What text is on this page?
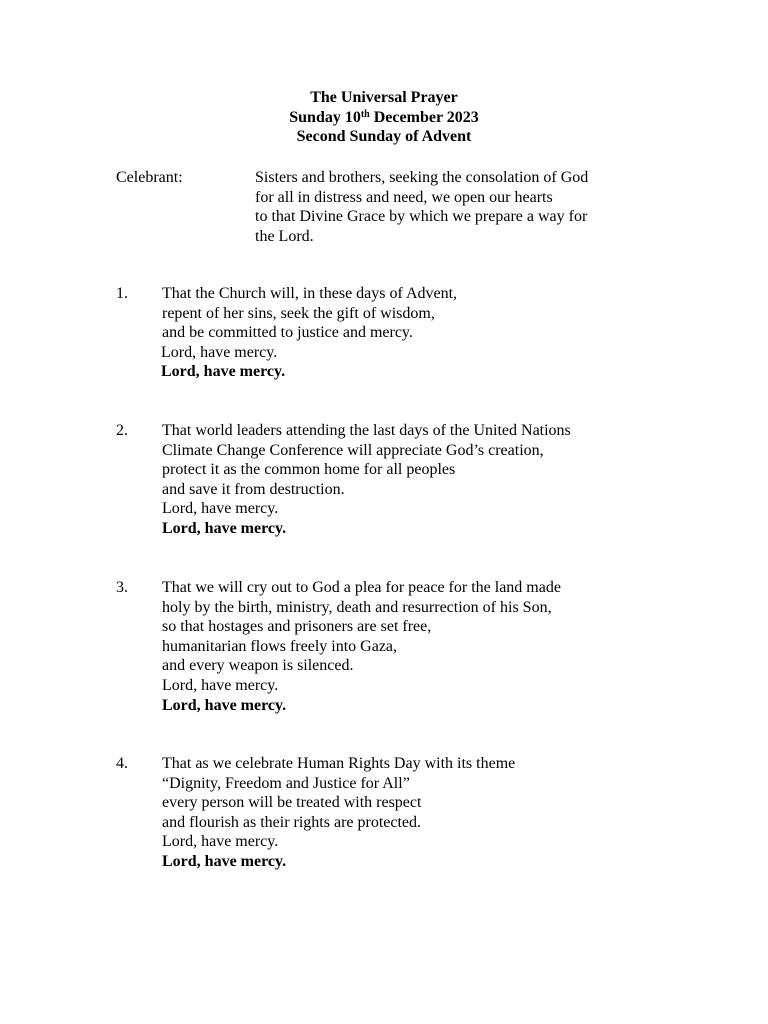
The Universal Prayer
Sunday 10th December 2023
Second Sunday of Advent
Celebrant:	Sisters and brothers, seeking the consolation of God
for all in distress and need, we open our hearts
to that Divine Grace by which we prepare a way for
the Lord.
1. That the Church will, in these days of Advent,
repent of her sins, seek the gift of wisdom,
and be committed to justice and mercy.
Lord, have mercy.
Lord, have mercy.
2. That world leaders attending the last days of the United Nations
Climate Change Conference will appreciate God’s creation,
protect it as the common home for all peoples
and save it from destruction.
Lord, have mercy.
Lord, have mercy.
3. That we will cry out to God a plea for peace for the land made
holy by the birth, ministry, death and resurrection of his Son,
so that hostages and prisoners are set free,
humanitarian flows freely into Gaza,
and every weapon is silenced.
Lord, have mercy.
Lord, have mercy.
4. That as we celebrate Human Rights Day with its theme
“Dignity, Freedom and Justice for All”
every person will be treated with respect
and flourish as their rights are protected.
Lord, have mercy.
Lord, have mercy.
